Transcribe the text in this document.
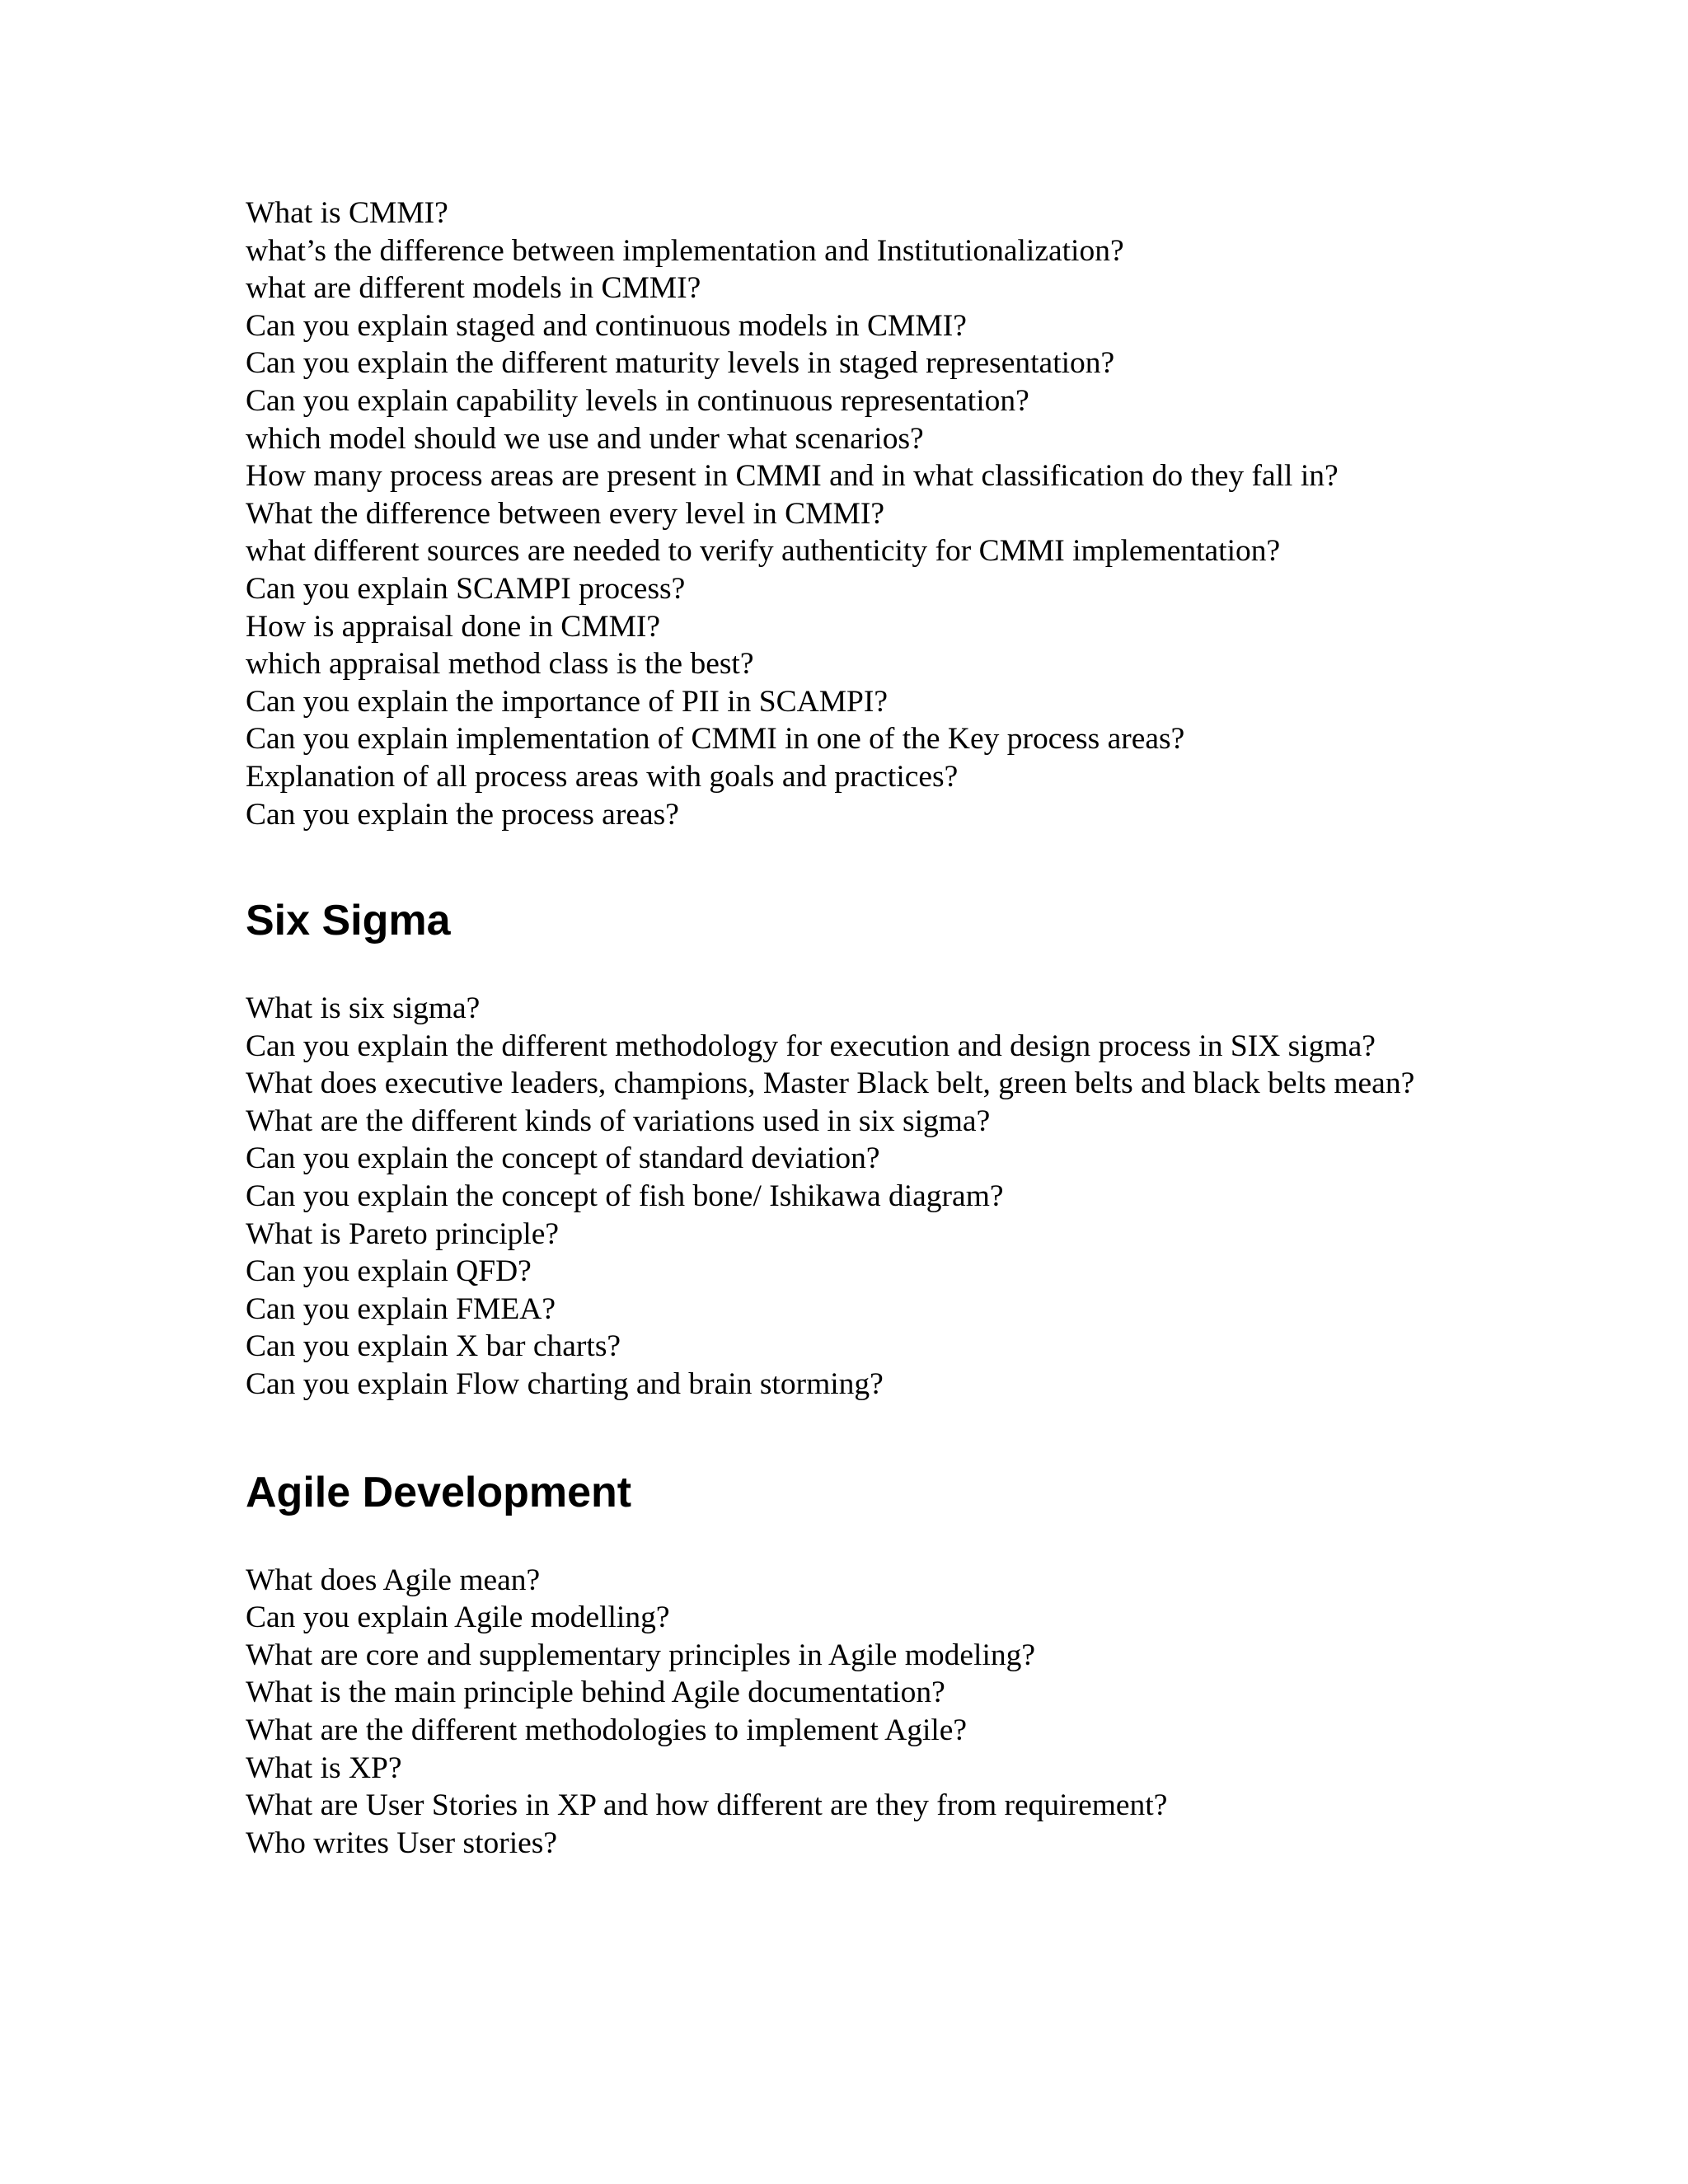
What is CMMI?
what’s the difference between implementation and Institutionalization?
what are different models in CMMI?
Can you explain staged and continuous models in CMMI?
Can you explain the different maturity levels in staged representation?
Can you explain capability levels in continuous representation?
which model should we use and under what scenarios?
How many process areas are present in CMMI and in what classification do they fall in?
What the difference between every level in CMMI?
what different sources are needed to verify authenticity for CMMI implementation?
Can you explain SCAMPI process?
How is appraisal done in CMMI?
which appraisal method class is the best?
Can you explain the importance of PII in SCAMPI?
Can you explain implementation of CMMI in one of the Key process areas?
Explanation of all process areas with goals and practices?
Can you explain the process areas?
Six Sigma
What is six sigma?
Can you explain the different methodology for execution and design process in SIX sigma?
What does executive leaders, champions, Master Black belt, green belts and black belts mean?
What are the different kinds of variations used in six sigma?
Can you explain the concept of standard deviation?
Can you explain the concept of fish bone/ Ishikawa diagram?
What is Pareto principle?
Can you explain QFD?
Can you explain FMEA?
Can you explain X bar charts?
Can you explain Flow charting and brain storming?
Agile Development
What does Agile mean?
Can you explain Agile modelling?
What are core and supplementary principles in Agile modeling?
What is the main principle behind Agile documentation?
What are the different methodologies to implement Agile?
What is XP?
What are User Stories in XP and how different are they from requirement?
Who writes User stories?
